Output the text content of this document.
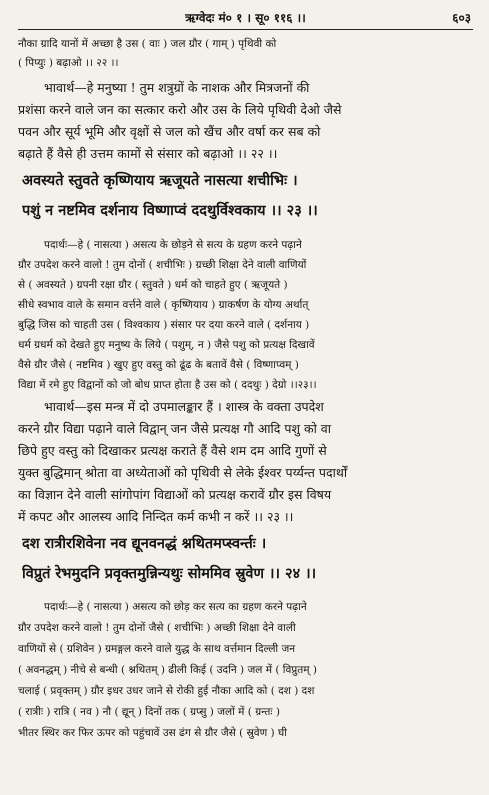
ऋग्वेदः मं० १ । सू० ११६ ।।	६०३
नौका ग्रादि यानों में अच्छा है उस ( वाः ) जल ग्रौर ( गाम् ) पृथिवी को
( पिप्युः ) बढ़ाओ ।। २२ ।।
भावार्थ—हे मनुष्या ! तुम शत्रुग्रों के नाशक और मित्रजनों की
प्रशंसा करने वाले जन का सत्कार करो और उस के लिये पृथिवी देओ जैसे
पवन और सूर्य भूमि और वृक्षों से जल को खैंच और वर्षा कर सब को
बढ़ाते हैं वैसे ही उत्तम कामों से संसार को बढ़ाओ ।। २२ ।।
अवस्यते स्तुवते कृष्णियाय ऋजूयते नासत्या शचीभिः ।
पशुं न नष्टमिव दर्शनाय विष्णाप्वं ददथुर्विश्वकाय ।। २३ ।।
पदार्थः—हे ( नासत्या ) असत्य के छोड़ने से सत्य के ग्रहण करने पढ़ाने
ग्रौर उपदेश करने वालो ! तुम दोनों ( शचीभिः ) ग्रच्छी शिक्षा देने वाली वाणियों
से ( अवस्यते ) ग्रपनी रक्षा ग्रौर ( स्तुवते ) धर्म को चाहते हुए ( ऋजूयते )
सीधे स्वभाव वाले के समान वर्त्तने वाले ( कृष्णियाय ) ग्राकर्षण के योग्य अर्थात्
बुद्धि जिस को चाहती उस ( विश्वकाय ) संसार पर दया करने वाले ( दर्शनाय )
धर्म ग्रधर्म को देखते हुए मनुष्य के लिये ( पशुम्, न ) जैसे पशु को प्रत्यक्ष दिखावें
वैसे ग्रौर जैसे ( नष्टमिव ) खुए हुए वस्तु को ढूंढ के बतावें वैसे ( विष्णाप्वम् )
विद्या में रमे हुए विद्वानों को जो बोध प्राप्त होता है उस को ( ददथुः ) देग्रो ।।२३।।
भावार्थ—इस मन्त्र में दो उपमालङ्कार हैं । शास्त्र के वक्ता उपदेश
करने ग्रौर विद्या पढ़ाने वाले विद्वान् जन जैसे प्रत्यक्ष गौ आदि पशु को वा
छिपे हुए वस्तु को दिखाकर प्रत्यक्ष कराते हैं वैसे शम दम आदि गुणों से
युक्त बुद्धिमान् श्रोता वा अध्येताओं को पृथिवी से लेके ईश्वर पर्य्यन्त पदार्थों
का विज्ञान देने वाली सांगोपांग विद्याओं को प्रत्यक्ष करावें ग्रौर इस विषय
में कपट और आलस्य आदि निन्दित कर्म कभी न करें ।। २३ ।।
दश रात्रीरशिवेना नव द्यूनवनद्धं श्नथितमप्स्वर्न्तः ।
विप्रुतं रेभमुदनि प्रवृक्तमुन्निन्यथुः सोममिव स्रुवेण ।। २४ ।।
पदार्थः—हे ( नासत्या ) असत्य को छोड़ कर सत्य का ग्रहण करने पढ़ाने
ग्रौर उपदेश करने वालो ! तुम दोनों जैसे ( शचीभिः ) अच्छी शिक्षा देने वाली
वाणियों से ( ग्रशिवेन ) ग्रमङ्गल करने वाले युद्ध के साथ वर्त्तमान दिल्ली जन
( अवनद्धम् ) नीचे से बन्धी ( श्नथितम् ) ढीली किई ( उदनि ) जल में ( विप्रुतम् )
चलाई ( प्रवृक्तम् ) ग्रौर इधर उधर जाने से रोकी हुई नौका आदि को ( दश ) दश
( रात्रीः ) रात्रि ( नव ) नौ ( द्यून् ) दिनों तक ( ग्रप्सु ) जलों में ( ग्रन्तः )
भीतर स्थिर कर फिर ऊपर को पहुंचावें उस ढंग से ग्रौर जैसे ( स्रुवेण ) घी
